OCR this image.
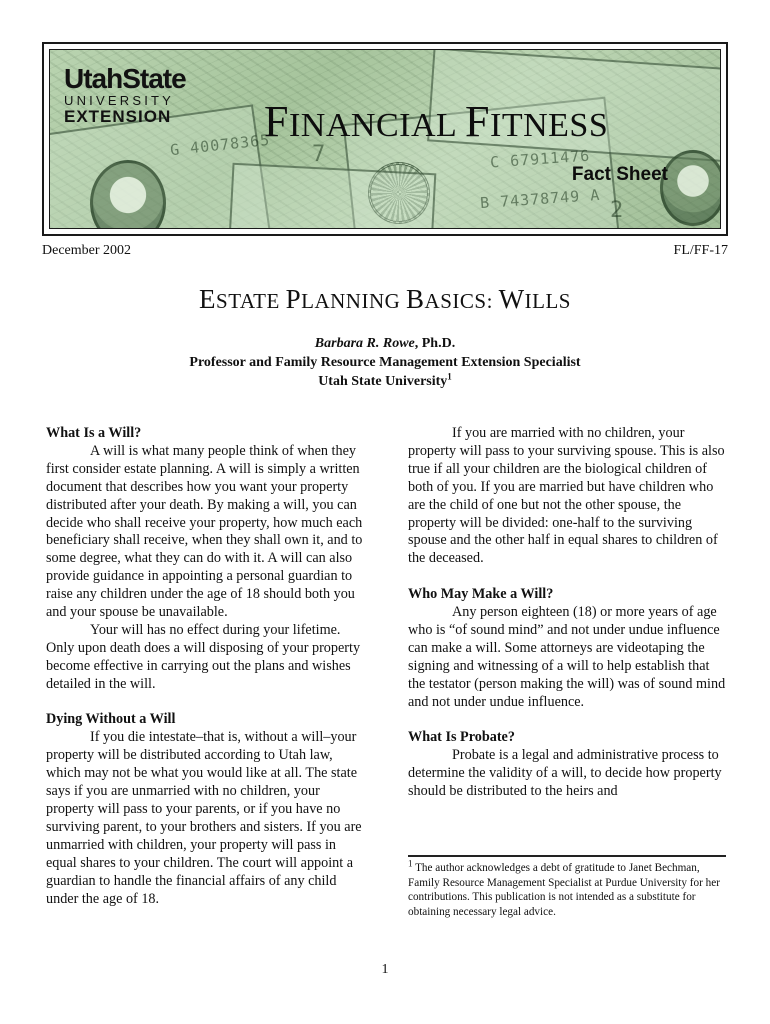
G 40078365	C 67911476
B 74378749 A
7
2
UtahState
UNIVERSITY
EXTENSION	FINANCIAL FITNESS
Fact Sheet
December 2002	FL/FF-17
ESTATE PLANNING BASICS: WILLS
Barbara R. Rowe, Ph.D.
Professor and Family Resource Management Extension Specialist
Utah State University$^1$
What Is a Will?

A will is what many people think of when they first consider estate planning. A will is simply a written document that describes how you want your property distributed after your death. By making a will, you can decide who shall receive your property, how much each beneficiary shall receive, when they shall own it, and to some degree, what they can do with it. A will can also provide guidance in appointing a personal guardian to raise any children under the age of 18 should both you and your spouse be unavailable.

Your will has no effect during your lifetime. Only upon death does a will disposing of your property become effective in carrying out the plans and wishes detailed in the will.

Dying Without a Will

If you die intestate–that is, without a will–your property will be distributed according to Utah law, which may not be what you would like at all. The state says if you are unmarried with no children, your property will pass to your parents, or if you have no surviving parent, to your brothers and sisters. If you are unmarried with children, your property will pass in equal shares to your children. The court will appoint a guardian to handle the financial affairs of any child under the age of 18.

If you are married with no children, your property will pass to your surviving spouse. This is also true if all your children are the biological children of both of you. If you are married but have children who are the child of one but not the other spouse, the property will be divided: one-half to the surviving spouse and the other half in equal shares to children of the deceased.

Who May Make a Will?

Any person eighteen (18) or more years of age who is “of sound mind” and not under undue influence can make a will. Some attorneys are videotaping the signing and witnessing of a will to help establish that the testator (person making the will) was of sound mind and not under undue influence.

What Is Probate?

Probate is a legal and administrative process to determine the validity of a will, to decide how property should be distributed to the heirs and

$^1$ The author acknowledges a debt of gratitude to Janet Bechman, Family Resource Management Specialist at Purdue University for her contributions. This publication is not intended as a substitute for obtaining necessary legal advice.
1
